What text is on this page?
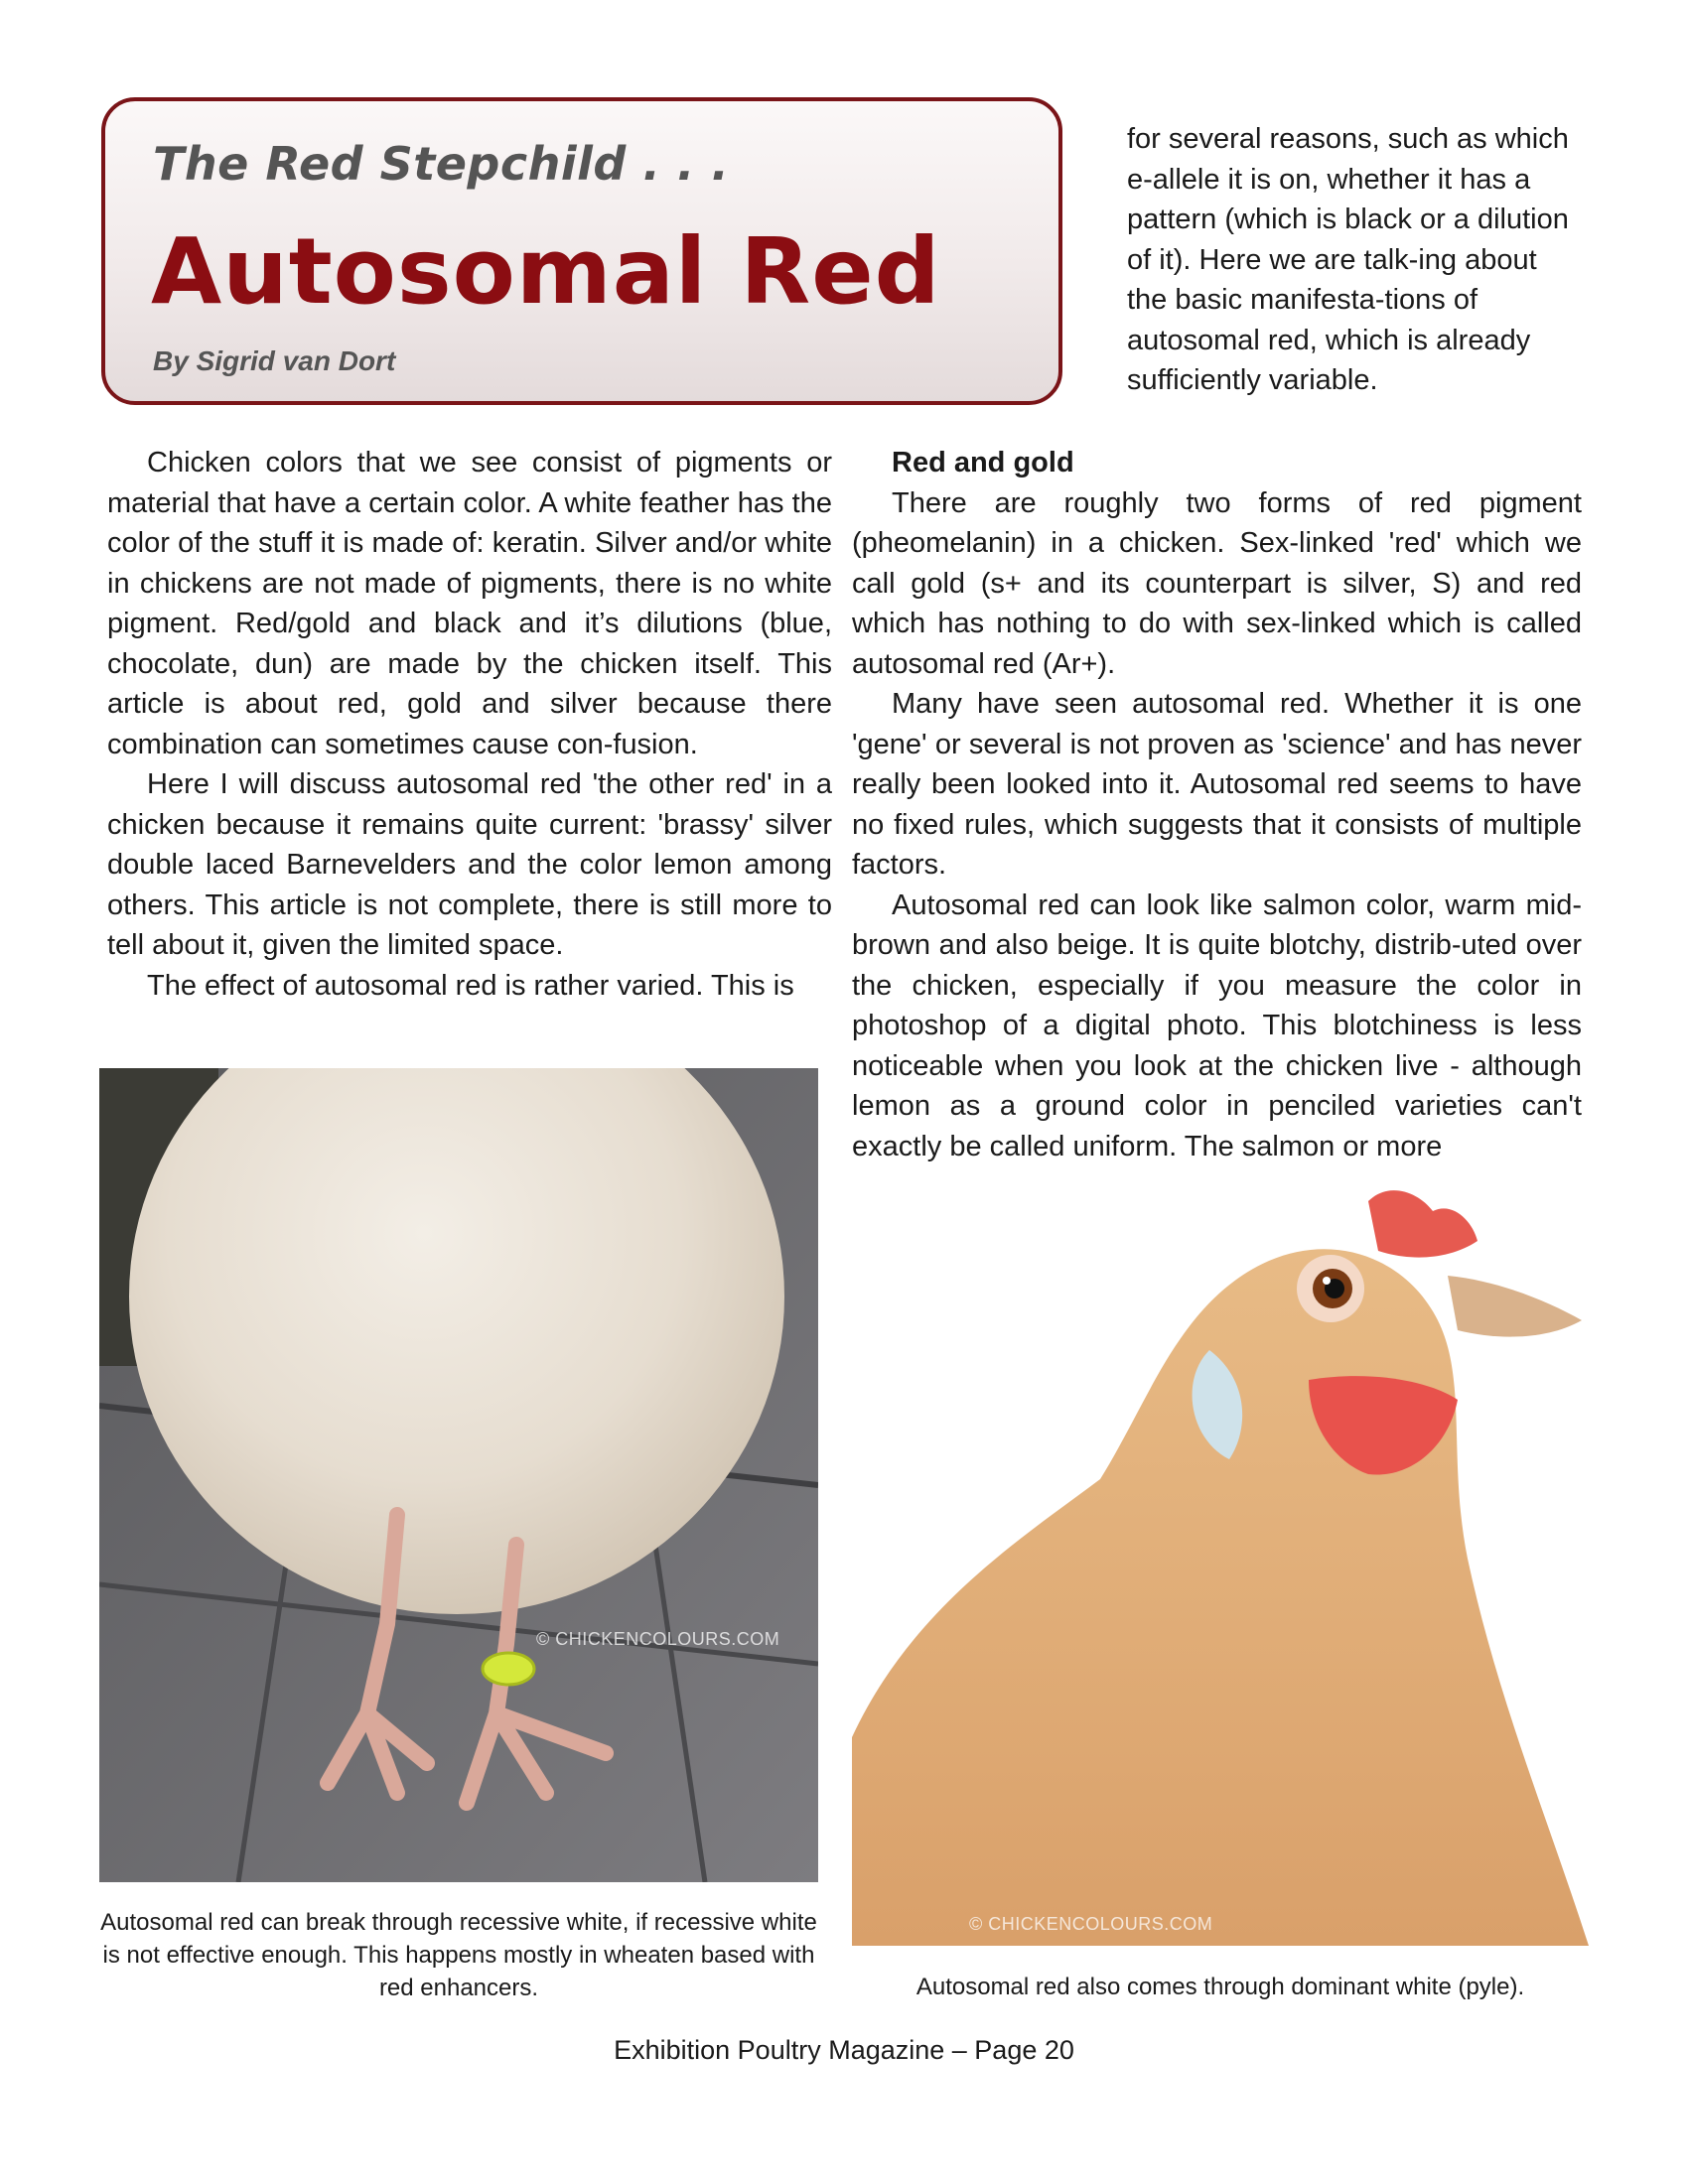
The Red Stepchild . . .
Autosomal Red
By Sigrid van Dort

for several reasons, such as which e-allele it is on, whether it has a pattern (which is black or a dilution of it). Here we are talk-ing about the basic manifesta-tions of autosomal red, which is already sufficiently variable.

Chicken colors that we see consist of pigments or material that have a certain color. A white feather has the color of the stuff it is made of: keratin. Silver and/or white in chickens are not made of pigments, there is no white pigment. Red/gold and black and it’s dilutions (blue, chocolate, dun) are made by the chicken itself. This article is about red, gold and silver because there combination can sometimes cause con-fusion.

Here I will discuss autosomal red 'the other red' in a chicken because it remains quite current: 'brassy' silver double laced Barnevelders and the color lemon among others. This article is not complete, there is still more to tell about it, given the limited space.

The effect of autosomal red is rather varied. This is

Red and gold

There are roughly two forms of red pigment (pheomelanin) in a chicken. Sex-linked 'red' which we call gold (s+ and its counterpart is silver, S) and red which has nothing to do with sex-linked which is called autosomal red (Ar+).

Many have seen autosomal red. Whether it is one 'gene' or several is not proven as 'science' and has never really been looked into it. Autosomal red seems to have no fixed rules, which suggests that it consists of multiple factors.

Autosomal red can look like salmon color, warm mid-brown and also beige. It is quite blotchy, distrib-uted over the chicken, especially if you measure the color in photoshop of a digital photo. This blotchiness is less noticeable when you look at the chicken live - although lemon as a ground color in penciled varieties can't exactly be called uniform. The salmon or more

© CHICKENCOLOURS.COM
© CHICKENCOLOURS.COM
Autosomal red can break through recessive white, if recessive white is not effective enough. This happens mostly in wheaten based with red enhancers.	Autosomal red also comes through dominant white (pyle).
Exhibition Poultry Magazine – Page 20
